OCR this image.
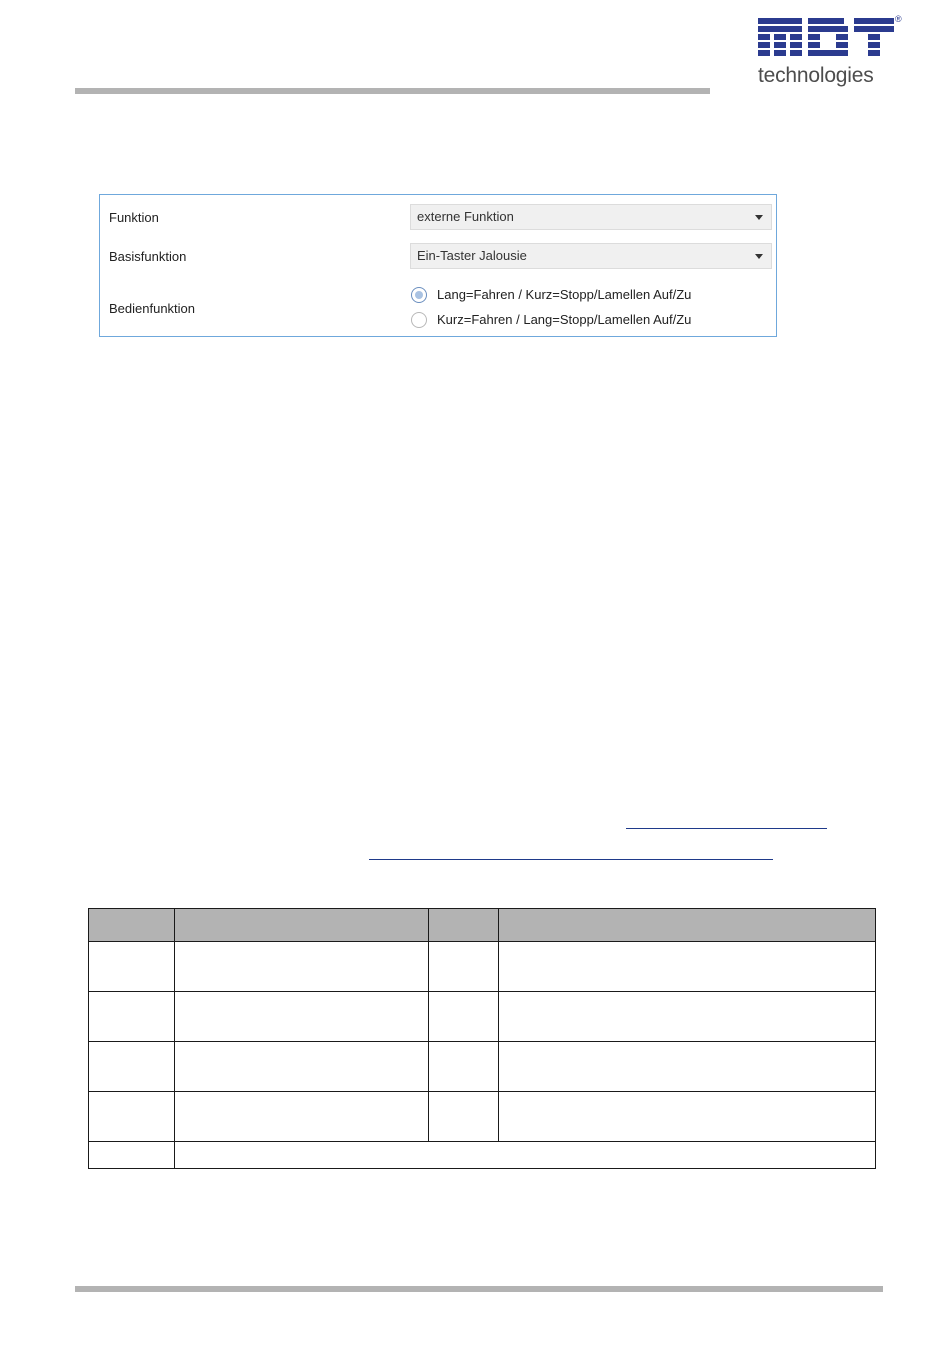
®
technologies
Funktion	externe Funktion
Basisfunktion	Ein-Taster Jalousie
Bedienfunktion
Lang=Fahren / Kurz=Stopp/Lamellen Auf/Zu
Kurz=Fahren / Lang=Stopp/Lamellen Auf/Zu
